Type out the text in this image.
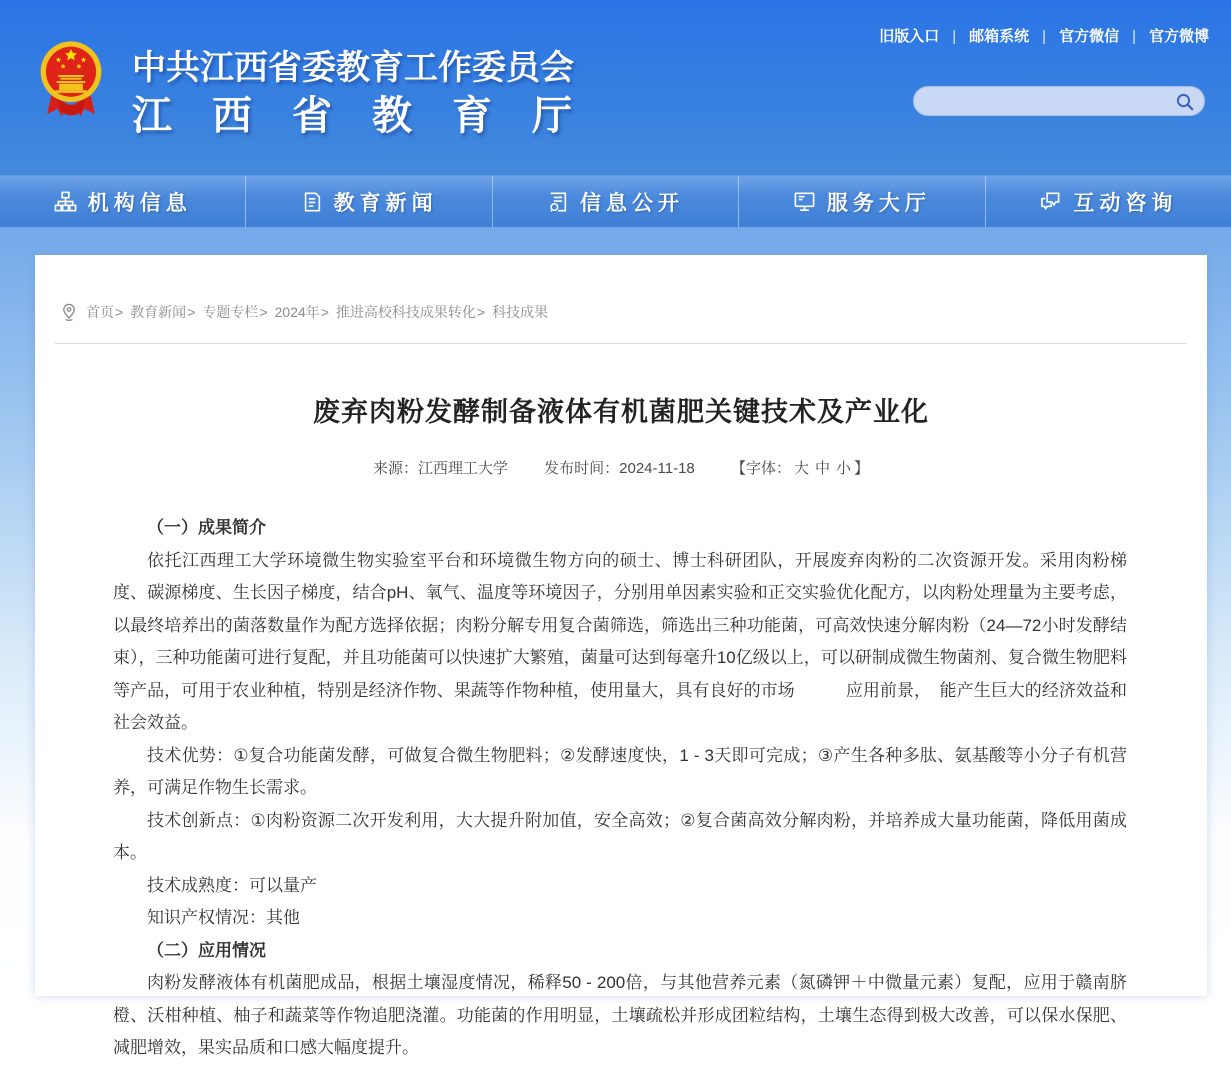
中共江西省委教育工作委员会
江　西　省　教　育　厅
旧版入口 | 邮箱系统 | 官方微信 | 官方微博
机构信息	教育新闻	信息公开	服务大厅	互动咨询
首页 > 教育新闻 > 专题专栏 > 2024年 > 推进高校科技成果转化 > 科技成果
废弃肉粉发酵制备液体有机菌肥关键技术及产业化
来源：江西理工大学 发布时间：2024-11-18 【字体： 大 中 小 】

（一）成果简介

依托江西理工大学环境微生物实验室平台和环境微生物方向的硕士、博士科研团队，开展废弃肉粉的二次资源开发。采用肉粉梯度、碳源梯度、生长因子梯度，结合pH、氧气、温度等环境因子，分别用单因素实验和正交实验优化配方，以肉粉处理量为主要考虑，以最终培养出的菌落数量作为配方选择依据；肉粉分解专用复合菌筛选，筛选出三种功能菌，可高效快速分解肉粉（24—72小时发酵结束），三种功能菌可进行复配，并且功能菌可以快速扩大繁殖，菌量可达到每毫升10亿级以上，可以研制成微生物菌剂、复合微生物肥料等产品，可用于农业种植，特别是经济作物、果蔬等作物种植，使用量大，具有良好的市场　　　应用前景，　能产生巨大的经济效益和社会效益。

技术优势：①复合功能菌发酵，可做复合微生物肥料；②发酵速度快，1 - 3天即可完成；③产生各种多肽、氨基酸等小分子有机营养，可满足作物生长需求。

技术创新点：①肉粉资源二次开发利用，大大提升附加值，安全高效；②复合菌高效分解肉粉，并培养成大量功能菌，降低用菌成本。

技术成熟度：可以量产

知识产权情况：其他

（二）应用情况

肉粉发酵液体有机菌肥成品，根据土壤湿度情况，稀释50 - 200倍，与其他营养元素（氮磷钾＋中微量元素）复配，应用于赣南脐橙、沃柑种植、柚子和蔬菜等作物追肥浇灌。功能菌的作用明显，土壤疏松并形成团粒结构，土壤生态得到极大改善，可以保水保肥、减肥增效，果实品质和口感大幅度提升。
